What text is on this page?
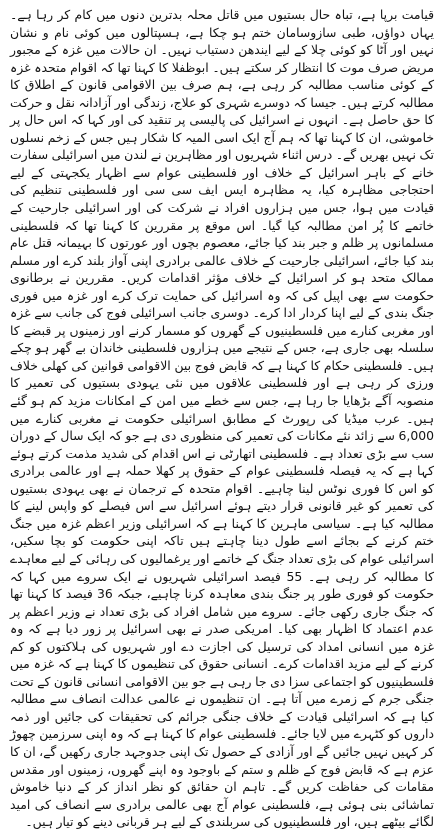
قیامت برپا ہے، تباہ حال بستیوں میں قاتل محلہ بدترین دنوں میں کام کر رہا ہے۔ یہاں دواؤں، طبی سازوسامان ختم ہو چکا ہے، ہسپتالوں میں کوئی نام و نشان نہیں اور آٹا کو کوئی چلا کے لیے ایندھن دستیاب نہیں۔ ان حالات میں غزہ کے مجبور مریض صرف موت کا انتظار کر سکتے ہیں۔ ابوظفلا کا کہنا تھا کہ اقوام متحدہ غزہ کے کوئی مناسب مطالبہ کر رہی ہے، ہم صرف بین الاقوامی قانون کے اطلاق کا مطالبہ کرتے ہیں۔ جیسا کہ دوسرے شہری کو علاج، زندگی اور آزادانہ نقل و حرکت کا حق حاصل ہے۔ انہوں نے اسرائیل کی پالیسی پر تنقید کی اور کہا کہ اس حال پر خاموشی، ان کا کہنا تھا کہ ہم آج ایک اسی المیہ کا شکار ہیں جس کے زخم نسلوں تک نہیں بھریں گے۔ درس اثناء شہریوں اور مظاہرین نے لندن میں اسرائیلی سفارت خانے کے باہر اسرائیل کے خلاف اور فلسطینی عوام سے اظہار یکجہتی کے لیے احتجاجی مظاہرہ کیا، یہ مظاہرہ ایس ایف سی سی اور فلسطینی تنظیم کی قیادت میں ہوا، جس میں ہزاروں افراد نے شرکت کی اور اسرائیلی جارحیت کے خاتمے کا پُر امن مطالبہ کیا گیا۔ اس موقع پر مقررین کا کہنا تھا کہ فلسطینی مسلمانوں پر ظلم و جبر بند کیا جائے، معصوم بچوں اور عورتوں کا بہیمانہ قتل عام بند کیا جائے، اسرائیلی جارحیت کے خلاف عالمی برادری اپنی آواز بلند کرے اور مسلم ممالک متحد ہو کر اسرائیل کے خلاف مؤثر اقدامات کریں۔ مقررین نے برطانوی حکومت سے بھی اپیل کی کہ وہ اسرائیل کی حمایت ترک کرے اور غزہ میں فوری جنگ بندی کے لیے اپنا کردار ادا کرے۔ دوسری جانب اسرائیلی فوج کی جانب سے غزہ اور مغربی کنارے میں فلسطینیوں کے گھروں کو مسمار کرنے اور زمینوں پر قبضے کا سلسلہ بھی جاری ہے، جس کے نتیجے میں ہزاروں فلسطینی خاندان بے گھر ہو چکے ہیں۔ فلسطینی حکام کا کہنا ہے کہ قابض فوج بین الاقوامی قوانین کی کھلی خلاف ورزی کر رہی ہے اور فلسطینی علاقوں میں نئی یہودی بستیوں کی تعمیر کا منصوبہ آگے بڑھایا جا رہا ہے، جس سے خطے میں امن کے امکانات مزید کم ہو گئے ہیں۔ عرب میڈیا کی رپورٹ کے مطابق اسرائیلی حکومت نے مغربی کنارے میں 6,000 سے زائد نئے مکانات کی تعمیر کی منظوری دی ہے جو کہ ایک سال کے دوران سب سے بڑی تعداد ہے۔ فلسطینی اتھارٹی نے اس اقدام کی شدید مذمت کرتے ہوئے کہا ہے کہ یہ فیصلہ فلسطینی عوام کے حقوق پر کھلا حملہ ہے اور عالمی برادری کو اس کا فوری نوٹس لینا چاہیے۔ اقوام متحدہ کے ترجمان نے بھی یہودی بستیوں کی تعمیر کو غیر قانونی قرار دیتے ہوئے اسرائیل سے اس فیصلے کو واپس لینے کا مطالبہ کیا ہے۔ سیاسی ماہرین کا کہنا ہے کہ اسرائیلی وزیر اعظم غزہ میں جنگ ختم کرنے کے بجائے اسے طول دینا چاہتے ہیں تاکہ اپنی حکومت کو بچا سکیں، اسرائیلی عوام کی بڑی تعداد جنگ کے خاتمے اور یرغمالیوں کی رہائی کے لیے معاہدے کا مطالبہ کر رہی ہے۔ 55 فیصد اسرائیلی شہریوں نے ایک سروے میں کہا کہ حکومت کو فوری طور پر جنگ بندی معاہدہ کرنا چاہیے، جبکہ 36 فیصد کا کہنا تھا کہ جنگ جاری رکھی جائے۔ سروے میں شامل افراد کی بڑی تعداد نے وزیر اعظم پر عدم اعتماد کا اظہار بھی کیا۔ امریکی صدر نے بھی اسرائیل پر زور دیا ہے کہ وہ غزہ میں انسانی امداد کی ترسیل کی اجازت دے اور شہریوں کی ہلاکتوں کو کم کرنے کے لیے مزید اقدامات کرے۔ انسانی حقوق کی تنظیموں کا کہنا ہے کہ غزہ میں فلسطینیوں کو اجتماعی سزا دی جا رہی ہے جو بین الاقوامی انسانی قانون کے تحت جنگی جرم کے زمرے میں آتا ہے۔ ان تنظیموں نے عالمی عدالت انصاف سے مطالبہ کیا ہے کہ اسرائیلی قیادت کے خلاف جنگی جرائم کی تحقیقات کی جائیں اور ذمہ داروں کو کٹہرے میں لایا جائے۔ فلسطینی عوام کا کہنا ہے کہ وہ اپنی سرزمین چھوڑ کر کہیں نہیں جائیں گے اور آزادی کے حصول تک اپنی جدوجہد جاری رکھیں گے، ان کا عزم ہے کہ قابض فوج کے ظلم و ستم کے باوجود وہ اپنے گھروں، زمینوں اور مقدس مقامات کی حفاظت کریں گے۔ تاہم ان حقائق کو نظر انداز کر کے دنیا خاموش تماشائی بنی ہوئی ہے، فلسطینی عوام آج بھی عالمی برادری سے انصاف کی امید لگائے بیٹھے ہیں، اور فلسطینیوں کی سربلندی کے لیے ہر قربانی دینے کو تیار ہیں۔
